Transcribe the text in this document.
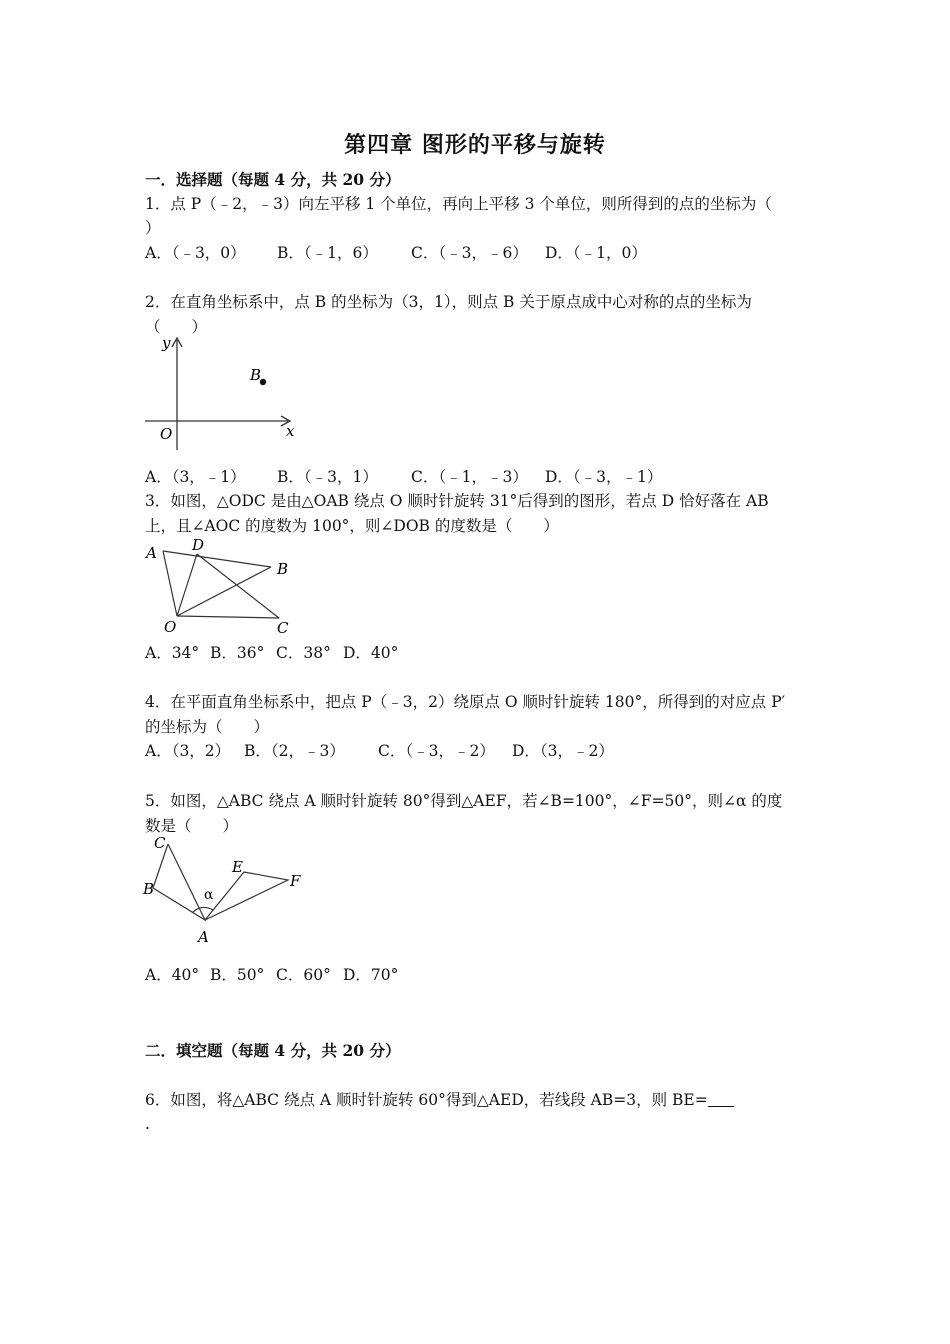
第四章 图形的平移与旋转
一．选择题（每题 4 分，共 20 分）
1．点 P（﹣2，﹣3）向左平移 1 个单位，再向上平移 3 个单位，则所得到的点的坐标为（
）
A．（﹣3，0） B．（﹣1，6） C．（﹣3，﹣6） D．（﹣1，0）
2．在直角坐标系中，点 B 的坐标为（3，1），则点 B 关于原点成中心对称的点的坐标为
（　　）
y
x
O
B
A．（3，﹣1） B．（﹣3，1） C．（﹣1，﹣3） D．（﹣3，﹣1）
3．如图，△ODC 是由△OAB 绕点 O 顺时针旋转 31°后得到的图形，若点 D 恰好落在 AB
上，且∠AOC 的度数为 100°，则∠DOB 的度数是（　　）
A D
B
O	C
A．34° B．36° C．38° D．40°
4．在平面直角坐标系中，把点 P（﹣3，2）绕原点 O 顺时针旋转 180°，所得到的对应点 P′
的坐标为（　　）
A．（3，2） B．（2，﹣3） C．（﹣3，﹣2） D．（3，﹣2）
5．如图，△ABC 绕点 A 顺时针旋转 80°得到△AEF，若∠B=100°，∠F=50°，则∠α 的度
数是（　　）
C
B	α
E
F
A
A．40° B．50° C．60° D．70°
二．填空题（每题 4 分，共 20 分）
6．如图，将△ABC 绕点 A 顺时针旋转 60°得到△AED，若线段 AB=3，则 BE=
.
